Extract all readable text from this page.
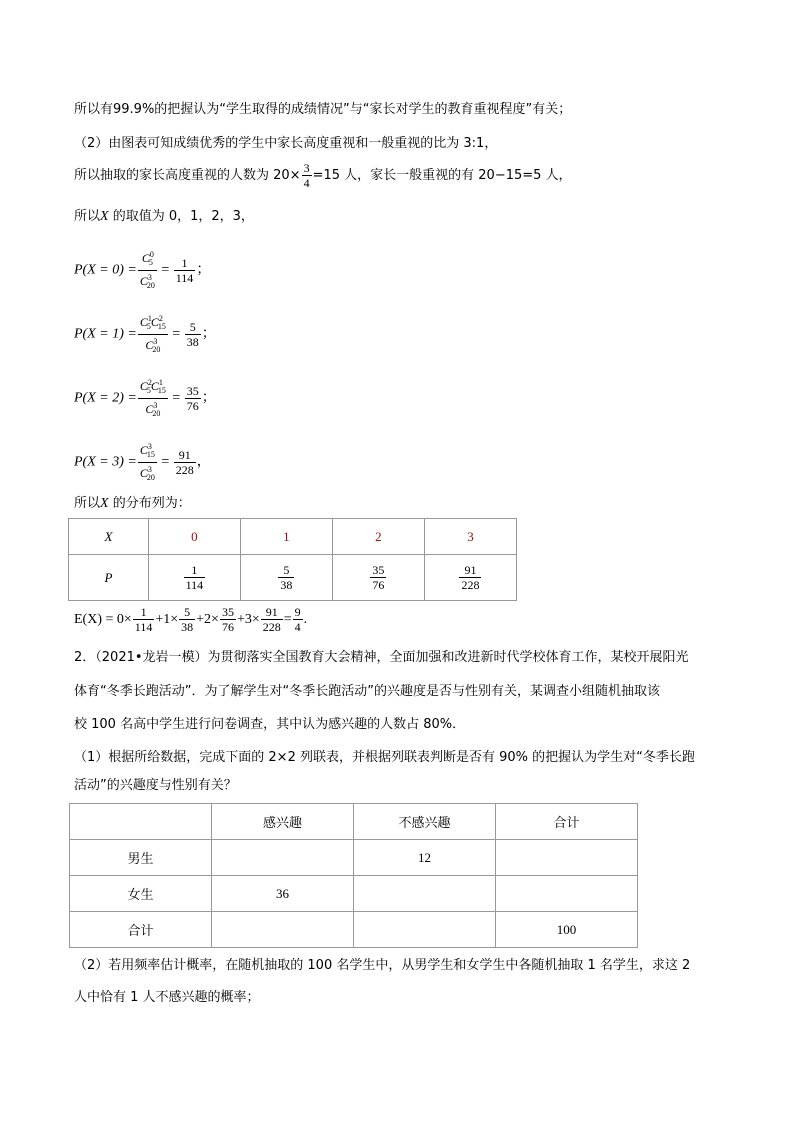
所以有99.9%的把握认为“学生取得的成绩情况”与“家长对学生的教育重视程度”有关；
（2）由图表可知成绩优秀的学生中家长高度重视和一般重视的比为 3:1，
所以抽取的家长高度重视的人数为 $20\times \frac{3}{4} =15$ 人，家长一般重视的有 20−15=5 人，
所以X 的取值为 0，1，2，3，
$P(X = 0) = \frac{C^0_5}{C^3_{20}} = \frac{1}{114}$ ；
$P(X = 1) = \frac{C^1_5C^2_{15}}{C^3_{20}} = \frac{5}{38}$ ；
$P(X = 2) = \frac{C^2_5C^1_{15}}{C^3_{20}} = \frac{35}{76}$ ；
$P(X = 3) = \frac{C^3_{15}}{C^3_{20}} = \frac{91}{228}$ ，
所以X 的分布列为：
X	0	1	2	3
P	$\frac{1}{114}$	$\frac{5}{38}$	$\frac{35}{76}$	$\frac{91}{228}$
$E(X) = 0\times \frac{1}{114} +1\times \frac{5}{38} +2\times \frac{35}{76} +3\times \frac{91}{228} = \frac{9}{4}$ .
2．（2021•龙岩一模）为贯彻落实全国教育大会精神，全面加强和改进新时代学校体育工作，某校开展阳光
体育“冬季长跑活动”．为了解学生对“冬季长跑活动”的兴趣度是否与性别有关，某调查小组随机抽取该
校 100 名高中学生进行问卷调查，其中认为感兴趣的人数占 80%．
（1）根据所给数据，完成下面的 2×2 列联表，并根据列联表判断是否有 90% 的把握认为学生对“冬季长跑
活动”的兴趣度与性别有关？
	感兴趣	不感兴趣	合计
男生		12	
女生	36		
合计			100
（2）若用频率估计概率，在随机抽取的 100 名学生中，从男学生和女学生中各随机抽取 1 名学生，求这 2
人中恰有 1 人不感兴趣的概率；
